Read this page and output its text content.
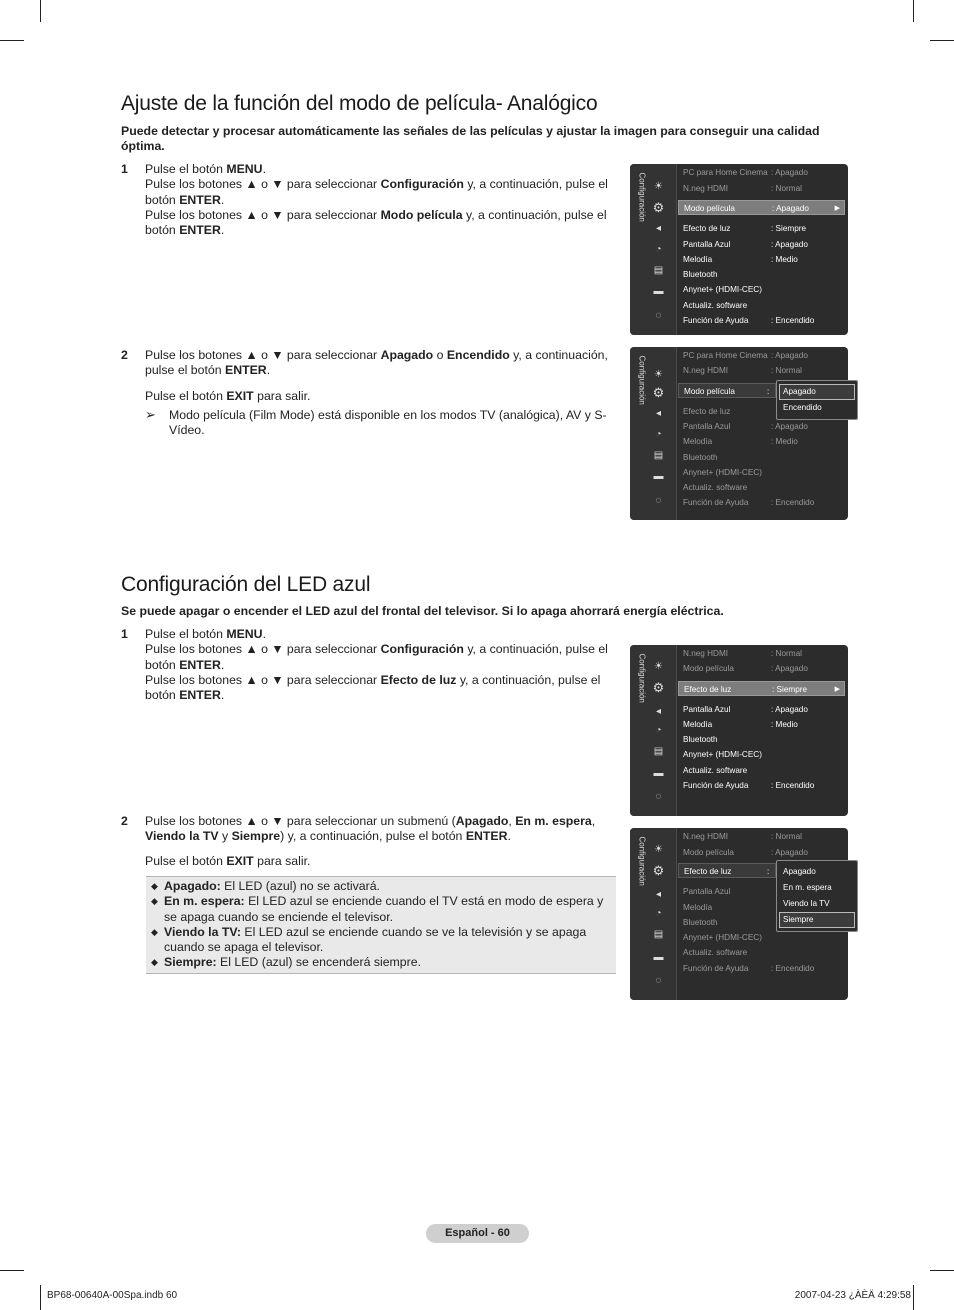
Ajuste de la función del modo de película- Analógico
Puede detectar y procesar automáticamente las señales de las películas y ajustar la imagen para conseguir una calidad óptima.
1 Pulse el botón MENU.

Pulse los botones ▲ o ▼ para seleccionar Configuración y, a continuación, pulse el botón ENTER.

Pulse los botones ▲ o ▼ para seleccionar Modo película y, a continuación, pulse el botón ENTER.

2 Pulse los botones ▲ o ▼ para seleccionar Apagado o Encendido y, a continuación, pulse el botón ENTER.

Pulse el botón EXIT para salir.

➢ Modo película (Film Mode) está disponible en los modos TV (analógica), AV y S-Vídeo.
Configuración ☀
⚙
◂
◔
▤
▬
◌
PC para Home Cinema : Apagado
N.neg HDMI	: Normal
Modo película	: Apagado	▶
Efecto de luz	: Siempre
Pantalla Azul	: Apagado
Melodía	: Medio
Bluetooth
Anynet+ (HDMI-CEC)
Actualiz. software
Función de Ayuda	: Encendido
Configuración ☀
⚙
◂
◔
▤
▬
◌
PC para Home Cinema : Apagado
N.neg HDMI	: Normal
Modo película	:
Efecto de luz
Pantalla Azul	: Apagado
Melodía	: Medio
Bluetooth
Anynet+ (HDMI-CEC)
Actualiz. software
Función de Ayuda	: Encendido
Apagado
Encendido
Configuración del LED azul
Se puede apagar o encender el LED azul del frontal del televisor. Si lo apaga ahorrará energía eléctrica.
1 Pulse el botón MENU.

Pulse los botones ▲ o ▼ para seleccionar Configuración y, a continuación, pulse el botón ENTER.

Pulse los botones ▲ o ▼ para seleccionar Efecto de luz y, a continuación, pulse el botón ENTER.

2 Pulse los botones ▲ o ▼ para seleccionar un submenú (Apagado, En m. espera, Viendo la TV y Siempre) y, a continuación, pulse el botón ENTER.

Pulse el botón EXIT para salir.

◆ Apagado: El LED (azul) no se activará.
◆ En m. espera: El LED azul se enciende cuando el TV está en modo de espera y se apaga cuando se enciende el televisor.
◆ Viendo la TV: El LED azul se enciende cuando se ve la televisión y se apaga cuando se apaga el televisor.
◆ Siempre: El LED (azul) se encenderá siempre.
Configuración ☀
⚙
◂
◔
▤
▬
◌
N.neg HDMI	: Normal
Modo película	: Apagado
Efecto de luz	: Siempre	▶
Pantalla Azul	: Apagado
Melodía	: Medio
Bluetooth
Anynet+ (HDMI-CEC)
Actualiz. software
Función de Ayuda	: Encendido
Configuración ☀
⚙
◂
◔
▤
▬
◌
N.neg HDMI	: Normal
Modo película	: Apagado
Efecto de luz	:
Pantalla Azul
Melodía
Bluetooth
Anynet+ (HDMI-CEC)
Actualiz. software
Función de Ayuda	: Encendido
Apagado
En m. espera
Viendo la TV
Siempre
Español - 60
BP68-00640A-00Spa.indb 60	2007-04-23 ¿ÀÈÄ 4:29:58
